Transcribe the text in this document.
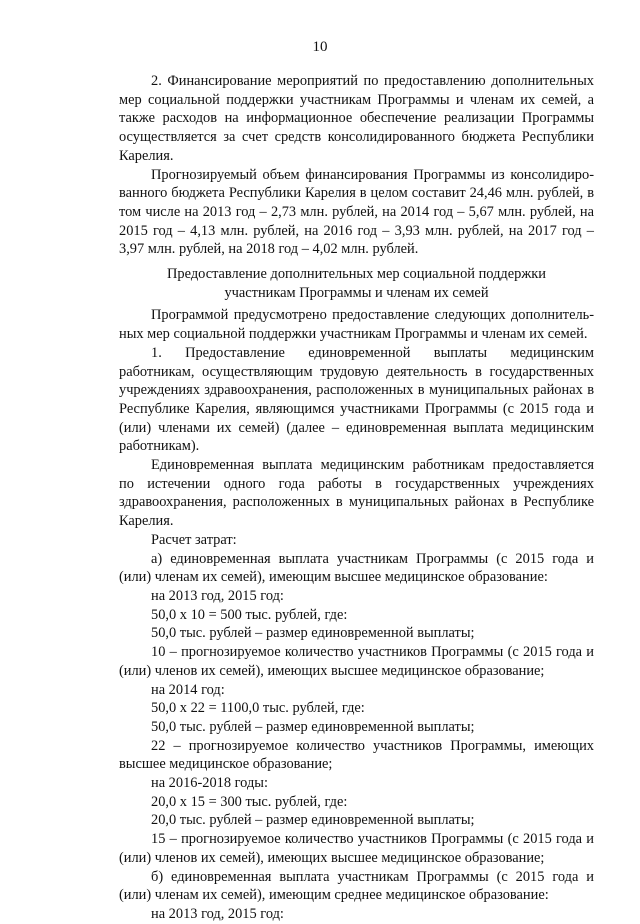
10

2. Финансирование мероприятий по предоставлению дополнительных мер социальной поддержки участникам Программы и членам их семей, а также расходов на информационное обеспечение реализации Программы осуществляется за счет средств консолидированного бюджета Республики Карелия.

Прогнозируемый объем финансирования Программы из консолидированного бюджета Республики Карелия в целом составит 24,46 млн. рублей, в том числе на 2013 год – 2,73 млн. рублей, на 2014 год – 5,67 млн. рублей, на 2015 год – 4,13 млн. рублей, на 2016 год – 3,93 млн. рублей, на 2017 год – 3,97 млн. рублей, на 2018 год – 4,02 млн. рублей.

Предоставление дополнительных мер социальной поддержки
участникам Программы и членам их семей

Программой предусмотрено предоставление следующих дополнительных мер социальной поддержки участникам Программы и членам их семей.

1. Предоставление единовременной выплаты медицинским работникам, осуществляющим трудовую деятельность в государственных учреждениях здравоохранения, расположенных в муниципальных районах в Республике Карелия, являющимся участниками Программы (с 2015 года и (или) членами их семей) (далее – единовременная выплата медицинским работникам).

Единовременная выплата медицинским работникам предоставляется по истечении одного года работы в государственных учреждениях здравоохранения, расположенных в муниципальных районах в Республике Карелия.

Расчет затрат:

а) единовременная выплата участникам Программы (с 2015 года и (или) членам их семей), имеющим высшее медицинское образование:

на 2013 год, 2015 год:

50,0 x 10 = 500 тыс. рублей, где:

50,0 тыс. рублей – размер единовременной выплаты;

10 – прогнозируемое количество участников Программы (с 2015 года и (или) членов их семей), имеющих высшее медицинское образование;

на 2014 год:

50,0 x 22 = 1100,0 тыс. рублей, где:

50,0 тыс. рублей – размер единовременной выплаты;

22 – прогнозируемое количество участников Программы, имеющих высшее медицинское образование;

на 2016-2018 годы:

20,0 x 15 = 300 тыс. рублей, где:

20,0 тыс. рублей – размер единовременной выплаты;

15 – прогнозируемое количество участников Программы (с 2015 года и (или) членов их семей), имеющих высшее медицинское образование;

б) единовременная выплата участникам Программы (с 2015 года и (или) членам их семей), имеющим среднее медицинское образование:

на 2013 год, 2015 год:
